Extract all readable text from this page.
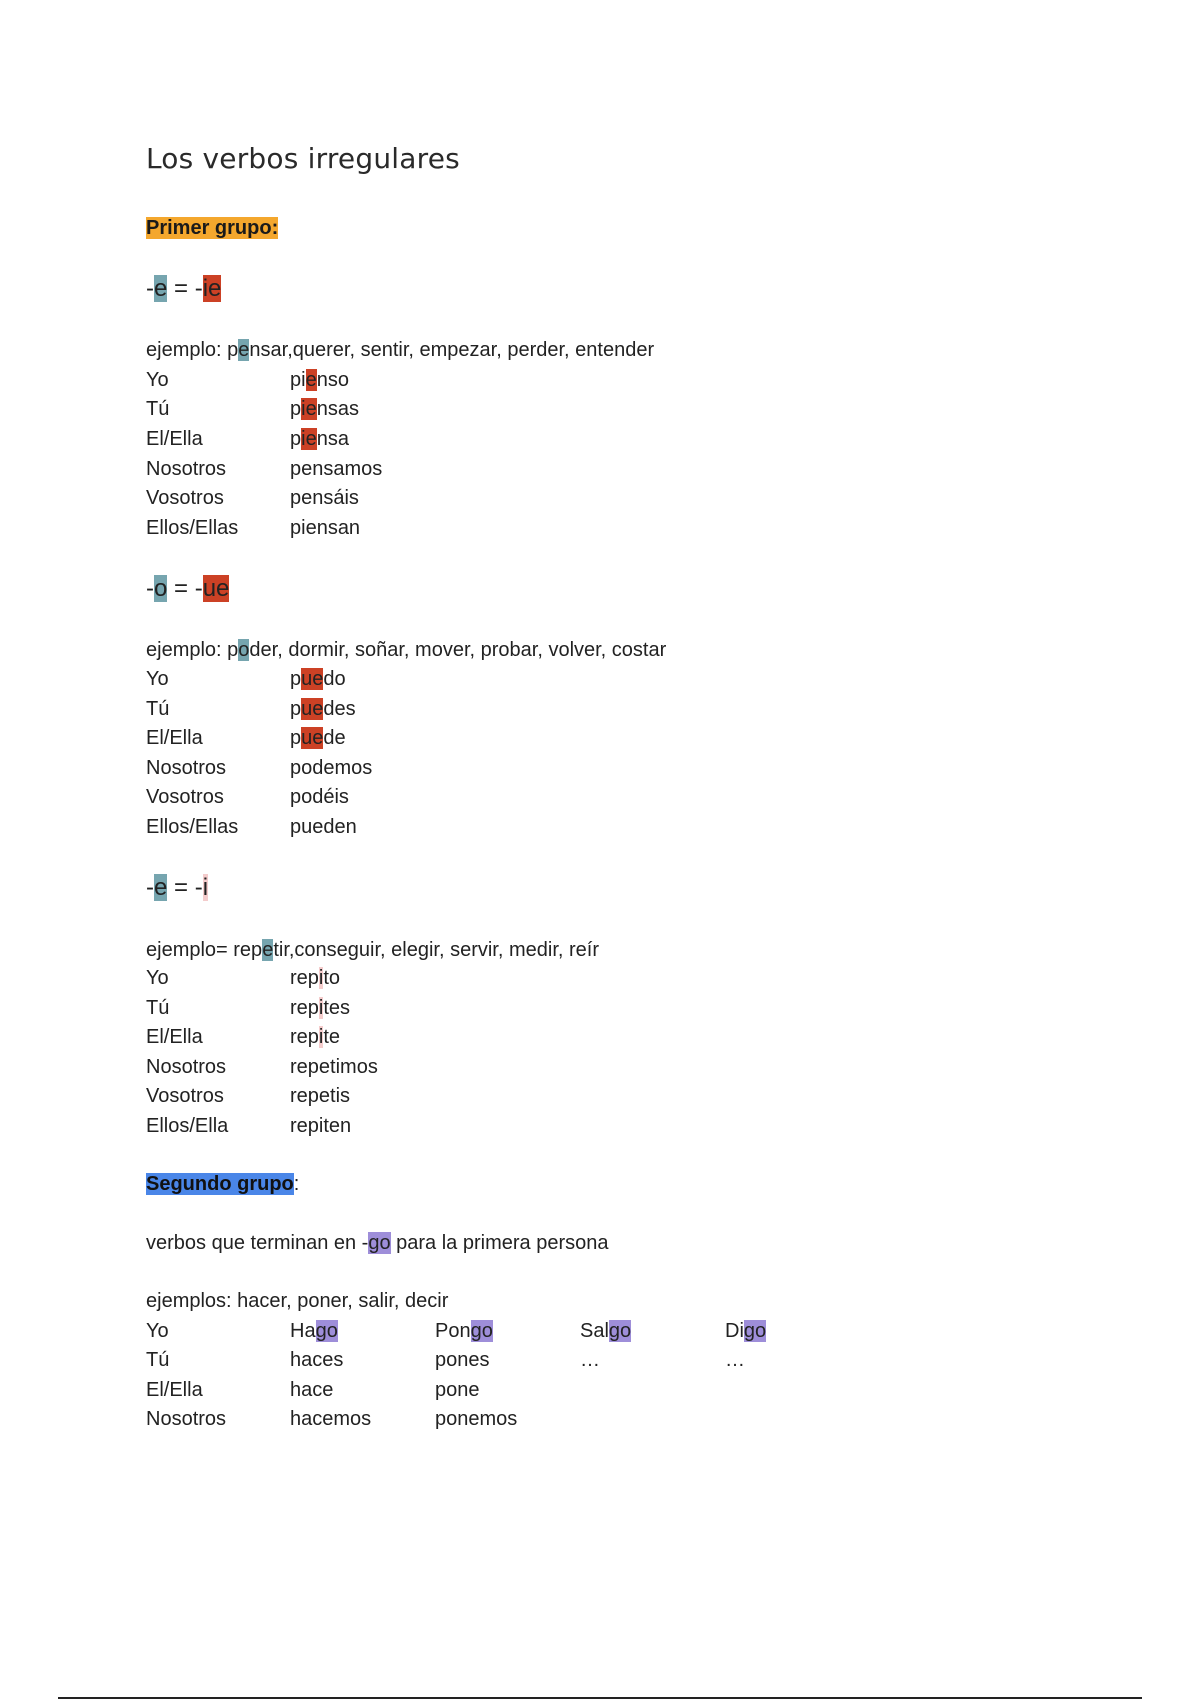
Los verbos irregulares
Primer grupo:
-e = -ie
ejemplo: pensar,querer, sentir, empezar, perder, entender
Yo	pienso
Tú	piensas
El/Ella	piensa
Nosotros	pensamos
Vosotros	pensáis
Ellos/Ellas	piensan
-o = -ue
ejemplo: poder, dormir, soñar, mover, probar, volver, costar
Yo	puedo
Tú	puedes
El/Ella	puede
Nosotros	podemos
Vosotros	podéis
Ellos/Ellas	pueden
-e = -i
ejemplo= repetir,conseguir, elegir, servir, medir, reír
Yo	repito
Tú	repites
El/Ella	repite
Nosotros	repetimos
Vosotros	repetis
Ellos/Ella	repiten
Segundo grupo:
verbos que terminan en -go para la primera persona
ejemplos: hacer, poner, salir, decir
Yo	Hago	Pongo	Salgo	Digo
Tú	haces	pones	…	…
El/Ella	hace	pone
Nosotros	hacemos	ponemos
